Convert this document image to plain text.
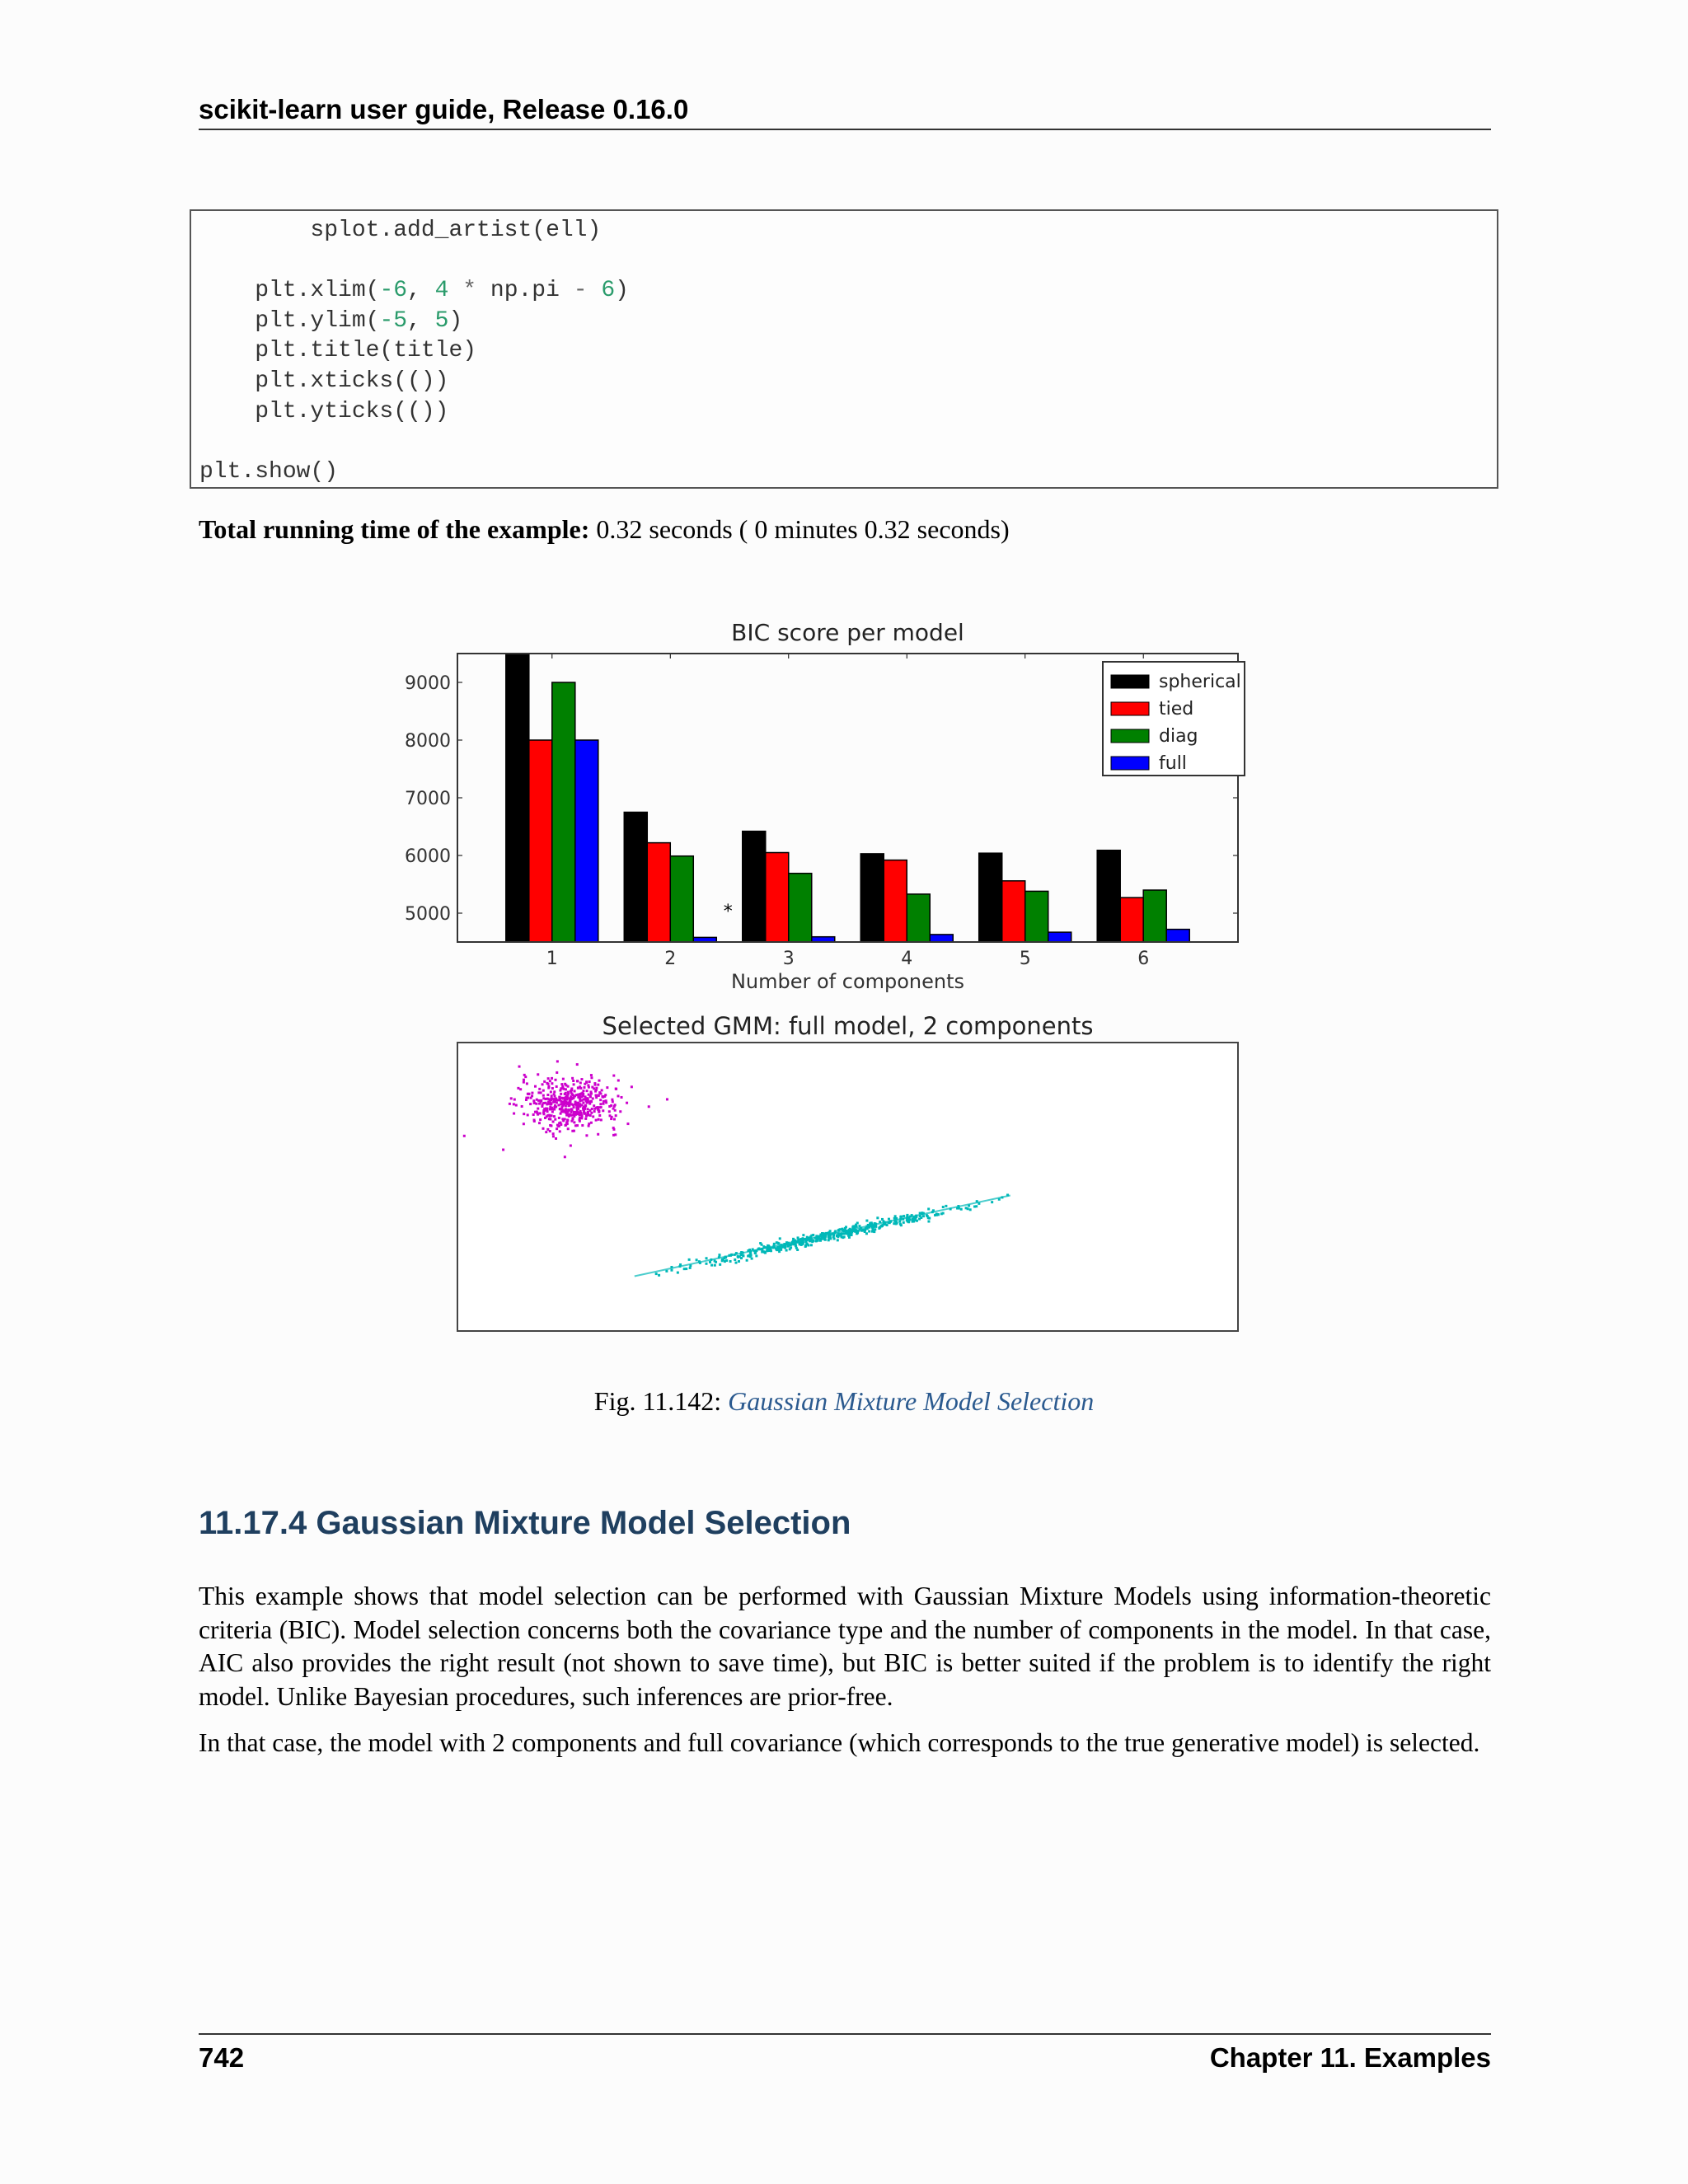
scikit-learn user guide, Release 0.16.0
splot.add_artist(ell)

plt.xlim(-6, 4 * np.pi - 6)
plt.ylim(-5, 5)
plt.title(title)
plt.xticks(())
plt.yticks(())

plt.show()
Total running time of the example: 0.32 seconds ( 0 minutes 0.32 seconds)
BIC score per model
1	2
*
3	4	5	6
5000
6000
7000
8000
9000
Number of components
spherical
tied
diag
full
Selected GMM: full model, 2 components
Fig. 11.142: Gaussian Mixture Model Selection
11.17.4 Gaussian Mixture Model Selection
This example shows that model selection can be performed with Gaussian Mixture Models using information-theoretic criteria (BIC). Model selection concerns both the covariance type and the number of components in the model. In that case, AIC also provides the right result (not shown to save time), but BIC is better suited if the problem is to identify the right model. Unlike Bayesian procedures, such inferences are prior-free.
In that case, the model with 2 components and full covariance (which corresponds to the true generative model) is selected.
742	Chapter 11. Examples
